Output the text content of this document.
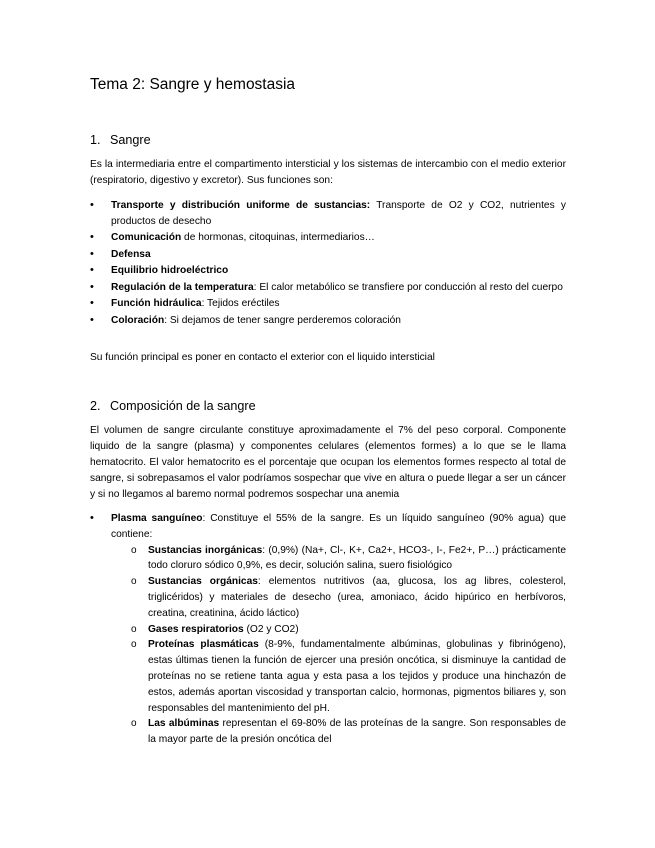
Tema 2: Sangre y hemostasia
1. Sangre

Es la intermediaria entre el compartimento intersticial y los sistemas de intercambio con el medio exterior (respiratorio, digestivo y excretor). Sus funciones son:

• Transporte y distribución uniforme de sustancias: Transporte de O2 y CO2, nutrientes y productos de desecho
• Comunicación de hormonas, citoquinas, intermediarios…
• Defensa
• Equilibrio hidroeléctrico
• Regulación de la temperatura: El calor metabólico se transfiere por conducción al resto del cuerpo
• Función hidráulica: Tejidos eréctiles
• Coloración: Si dejamos de tener sangre perderemos coloración

Su función principal es poner en contacto el exterior con el liquido intersticial

2. Composición de la sangre

El volumen de sangre circulante constituye aproximadamente el 7% del peso corporal. Componente liquido de la sangre (plasma) y componentes celulares (elementos formes) a lo que se le llama hematocrito. El valor hematocrito es el porcentaje que ocupan los elementos formes respecto al total de sangre, si sobrepasamos el valor podríamos sospechar que vive en altura o puede llegar a ser un cáncer y si no llegamos al baremo normal podremos sospechar una anemia

• Plasma sanguíneo: Constituye el 55% de la sangre. Es un líquido sanguíneo (90% agua) que contiene:
o Sustancias inorgánicas: (0,9%) (Na+, Cl-, K+, Ca2+, HCO3-, I-, Fe2+, P…) prácticamente todo cloruro sódico 0,9%, es decir, solución salina, suero fisiológico
o Sustancias orgánicas: elementos nutritivos (aa, glucosa, los ag libres, colesterol, triglicéridos) y materiales de desecho (urea, amoniaco, ácido hipúrico en herbívoros, creatina, creatinina, ácido láctico)
o Gases respiratorios (O2 y CO2)
o Proteínas plasmáticas (8-9%, fundamentalmente albúminas, globulinas y fibrinógeno), estas últimas tienen la función de ejercer una presión oncótica, si disminuye la cantidad de proteínas no se retiene tanta agua y esta pasa a los tejidos y produce una hinchazón de estos, además aportan viscosidad y transportan calcio, hormonas, pigmentos biliares y, son responsables del mantenimiento del pH.
o Las albúminas representan el 69-80% de las proteínas de la sangre. Son responsables de la mayor parte de la presión oncótica del
